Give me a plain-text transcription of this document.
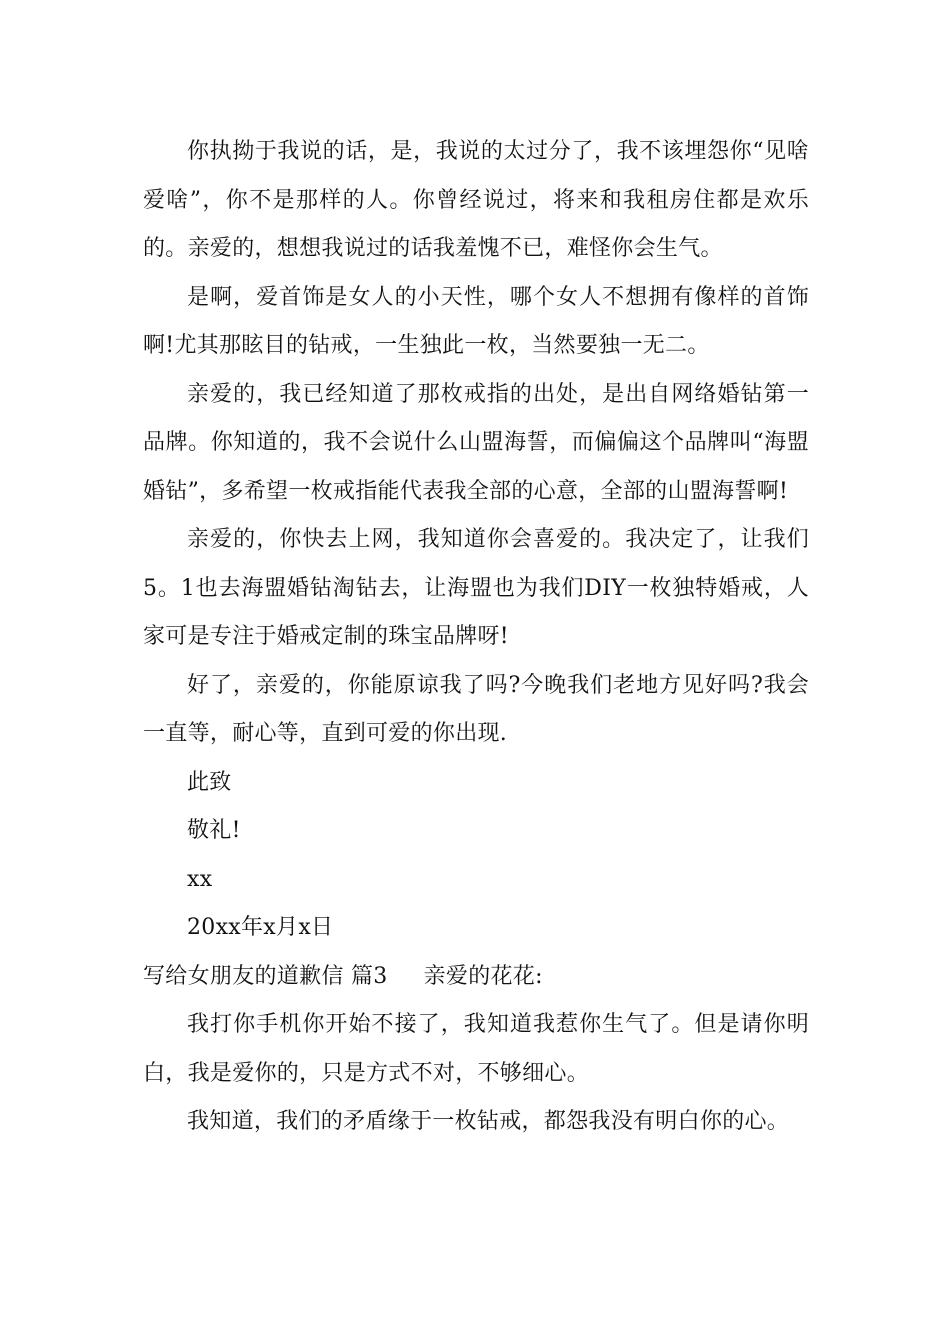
你执拗于我说的话，是，我说的太过分了，我不该埋怨你“见啥爱啥”，你不是那样的人。你曾经说过，将来和我租房住都是欢乐的。亲爱的，想想我说过的话我羞愧不已，难怪你会生气。

是啊，爱首饰是女人的小天性，哪个女人不想拥有像样的首饰啊!尤其那眩目的钻戒，一生独此一枚，当然要独一无二。

亲爱的，我已经知道了那枚戒指的出处，是出自网络婚钻第一品牌。你知道的，我不会说什么山盟海誓，而偏偏这个品牌叫“海盟婚钻”，多希望一枚戒指能代表我全部的心意，全部的山盟海誓啊!

亲爱的，你快去上网，我知道你会喜爱的。我决定了，让我们5。1也去海盟婚钻淘钻去，让海盟也为我们DIY一枚独特婚戒，人家可是专注于婚戒定制的珠宝品牌呀!

好了，亲爱的，你能原谅我了吗?今晚我们老地方见好吗?我会一直等，耐心等，直到可爱的你出现.

此致

敬礼!

xx

20xx年x月x日

写给女朋友的道歉信 篇3 亲爱的花花:

我打你手机你开始不接了，我知道我惹你生气了。但是请你明白，我是爱你的，只是方式不对，不够细心。

我知道，我们的矛盾缘于一枚钻戒，都怨我没有明白你的心。
